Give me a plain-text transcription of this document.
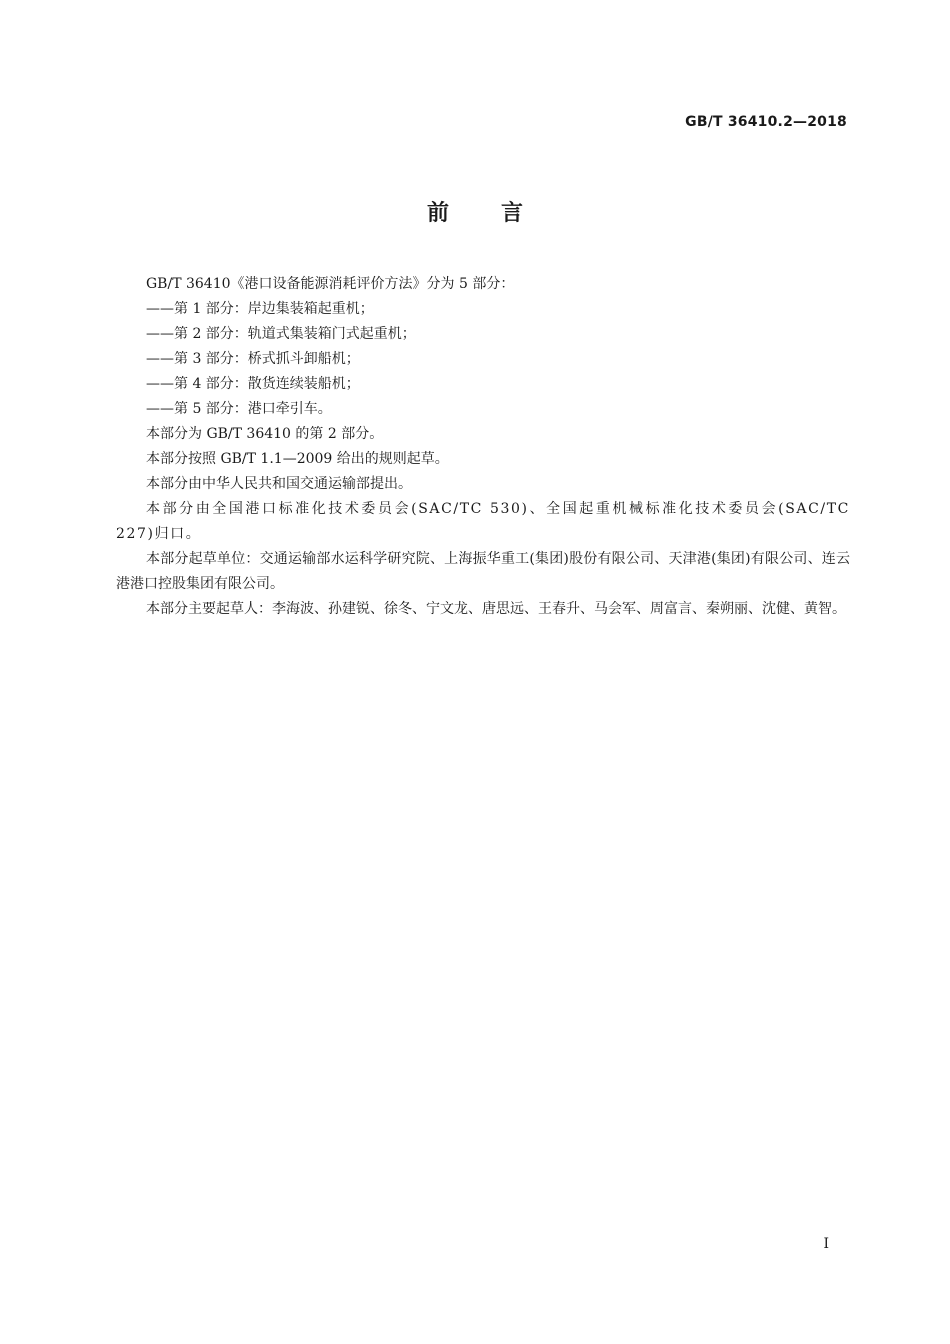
GB/T 36410.2—2018
前言

GB/T 36410《港口设备能源消耗评价方法》分为 5 部分：

——第 1 部分：岸边集装箱起重机；

——第 2 部分：轨道式集装箱门式起重机；

——第 3 部分：桥式抓斗卸船机；

——第 4 部分：散货连续装船机；

——第 5 部分：港口牵引车。

本部分为 GB/T 36410 的第 2 部分。

本部分按照 GB/T 1.1—2009 给出的规则起草。

本部分由中华人民共和国交通运输部提出。

本部分由全国港口标准化技术委员会(SAC/TC 530)、全国起重机械标准化技术委员会(SAC/TC 227)归口。

本部分起草单位：交通运输部水运科学研究院、上海振华重工(集团)股份有限公司、天津港(集团)有限公司、连云港港口控股集团有限公司。

本部分主要起草人：李海波、孙建锐、徐冬、宁文龙、唐思远、王春升、马会军、周富言、秦朔丽、沈健、黄智。

I
